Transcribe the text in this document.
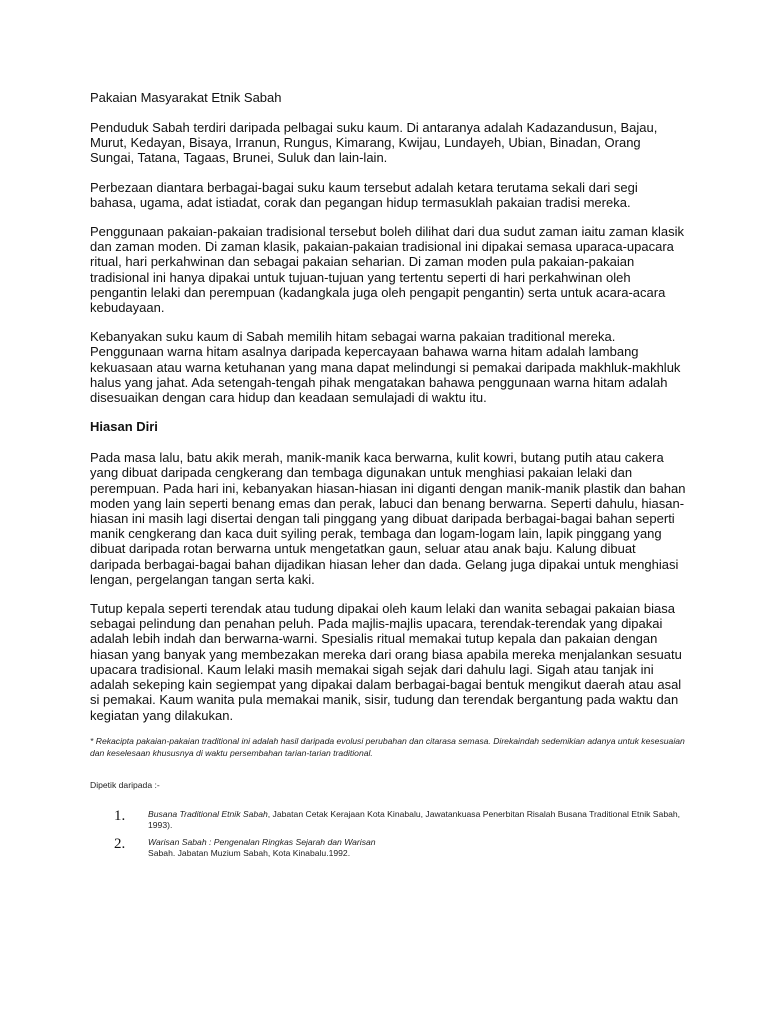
Pakaian Masyarakat Etnik Sabah

Penduduk Sabah terdiri daripada pelbagai suku kaum. Di antaranya adalah Kadazandusun, Bajau, Murut, Kedayan, Bisaya, Irranun, Rungus, Kimarang, Kwijau, Lundayeh, Ubian, Binadan, Orang Sungai, Tatana, Tagaas, Brunei, Suluk dan lain-lain.

Perbezaan diantara berbagai-bagai suku kaum tersebut adalah ketara terutama sekali dari segi bahasa, ugama, adat istiadat, corak dan pegangan hidup termasuklah pakaian tradisi mereka.

Penggunaan pakaian-pakaian tradisional tersebut boleh dilihat dari dua sudut zaman iaitu zaman klasik dan zaman moden. Di zaman klasik, pakaian-pakaian tradisional ini dipakai semasa uparaca-upacara ritual, hari perkahwinan dan sebagai pakaian seharian. Di zaman moden pula pakaian-pakaian tradisional ini hanya dipakai untuk tujuan-tujuan yang tertentu seperti di hari perkahwinan oleh pengantin lelaki dan perempuan (kadangkala juga oleh pengapit pengantin) serta untuk acara-acara kebudayaan.

Kebanyakan suku kaum di Sabah memilih hitam sebagai warna pakaian traditional mereka. Penggunaan warna hitam asalnya daripada kepercayaan bahawa warna hitam adalah lambang kekuasaan atau warna ketuhanan yang mana dapat melindungi si pemakai daripada makhluk-makhluk halus yang jahat. Ada setengah-tengah pihak mengatakan bahawa penggunaan warna hitam adalah disesuaikan dengan cara hidup dan keadaan semulajadi di waktu itu.

Hiasan Diri

Pada masa lalu, batu akik merah, manik-manik kaca berwarna, kulit kowri, butang putih atau cakera yang dibuat daripada cengkerang dan tembaga digunakan untuk menghiasi pakaian lelaki dan perempuan. Pada hari ini, kebanyakan hiasan-hiasan ini diganti dengan manik-manik plastik dan bahan moden yang lain seperti benang emas dan perak, labuci dan benang berwarna. Seperti dahulu, hiasan-hiasan ini masih lagi disertai dengan tali pinggang yang dibuat daripada berbagai-bagai bahan seperti manik cengkerang dan kaca duit syiling perak, tembaga dan logam-logam lain, lapik pinggang yang dibuat daripada rotan berwarna untuk mengetatkan gaun, seluar atau anak baju. Kalung dibuat daripada berbagai-bagai bahan dijadikan hiasan leher dan dada. Gelang juga dipakai untuk menghiasi lengan, pergelangan tangan serta kaki.

Tutup kepala seperti terendak atau tudung dipakai oleh kaum lelaki dan wanita sebagai pakaian biasa sebagai pelindung dan penahan peluh. Pada majlis-majlis upacara, terendak-terendak yang dipakai adalah lebih indah dan berwarna-warni. Spesialis ritual memakai tutup kepala dan pakaian dengan hiasan yang banyak yang membezakan mereka dari orang biasa apabila mereka menjalankan sesuatu upacara tradisional. Kaum lelaki masih memakai sigah sejak dari dahulu lagi. Sigah atau tanjak ini adalah sekeping kain segiempat yang dipakai dalam berbagai-bagai bentuk mengikut daerah atau asal si pemakai. Kaum wanita pula memakai manik, sisir, tudung dan terendak bergantung pada waktu dan kegiatan yang dilakukan.

* Rekacipta pakaian-pakaian traditional ini adalah hasil daripada evolusi perubahan dan citarasa semasa. Direkaindah sedemikian adanya untuk kesesuaian dan keselesaan khususnya di waktu persembahan tarian-tarian traditional.

Dipetik daripada :-

1.	Busana Traditional Etnik Sabah, Jabatan Cetak Kerajaan Kota Kinabalu, Jawatankuasa Penerbitan Risalah Busana Traditional Etnik Sabah, 1993).
2.	Warisan Sabah : Pengenalan Ringkas Sejarah dan Warisan
Sabah. Jabatan Muzium Sabah, Kota Kinabalu.1992.
